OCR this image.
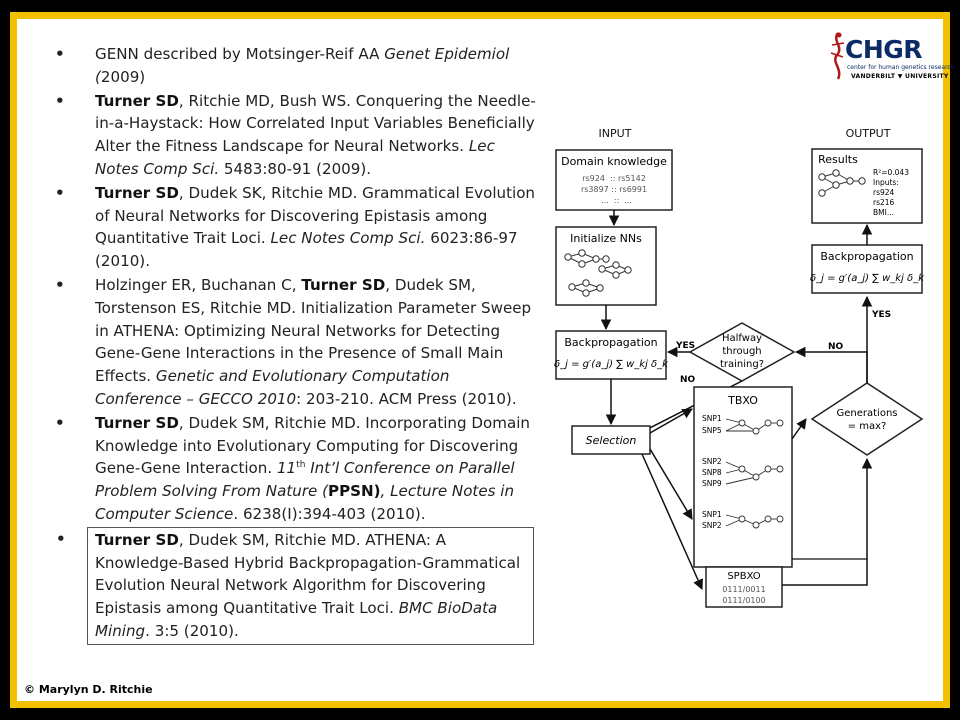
• GENN described by Motsinger-Reif AA Genet Epidemiol (2009)
• Turner SD, Ritchie MD, Bush WS. Conquering the Needle-in-a-Haystack: How Correlated Input Variables Beneficially Alter the Fitness Landscape for Neural Networks. Lec Notes Comp Sci. 5483:80-91 (2009).
• Turner SD, Dudek SK, Ritchie MD. Grammatical Evolution of Neural Networks for Discovering Epistasis among Quantitative Trait Loci. Lec Notes Comp Sci. 6023:86-97 (2010).
• Holzinger ER, Buchanan C, Turner SD, Dudek SM, Torstenson ES, Ritchie MD. Initialization Parameter Sweep in ATHENA: Optimizing Neural Networks for Detecting Gene-Gene Interactions in the Presence of Small Main Effects. Genetic and Evolutionary Computation Conference – GECCO 2010: 203-210. ACM Press (2010).
• Turner SD, Dudek SM, Ritchie MD. Incorporating Domain Knowledge into Evolutionary Computing for Discovering Gene-Gene Interaction. 11th Int’l Conference on Parallel Problem Solving From Nature (PPSN), Lecture Notes in Computer Science. 6238(I):394-403 (2010).
• Turner SD, Dudek SM, Ritchie MD. ATHENA: A Knowledge-Based Hybrid Backpropagation-Grammatical Evolution Neural Network Algorithm for Discovering Epistasis among Quantitative Trait Loci. BMC BioData Mining. 3:5 (2010).
© Marylyn D. Ritchie
CHGR
center for human genetics research
VANDERBILT ▼ UNIVERSITY
INPUT	OUTPUT
Domain knowledge
rs924  :: rs5142
rs3897 :: rs6991
...  ::  ...
Initialize NNs
Backpropagation
δ_j = g′(a_j) ∑ w_kj δ_k
Halfway
through
training?
YES
NO
Selection
TBXO
SNP1
SNP5
SNP2
SNP8
SNP9
SNP1
SNP2
SPBXO
0111/0011
0111/0100
Generations
= max?
NO
YES
Backpropagation
δ_j = g′(a_j) ∑ w_kj δ_k
Results
R²=0.043
Inputs:
rs924
rs216
BMI...
